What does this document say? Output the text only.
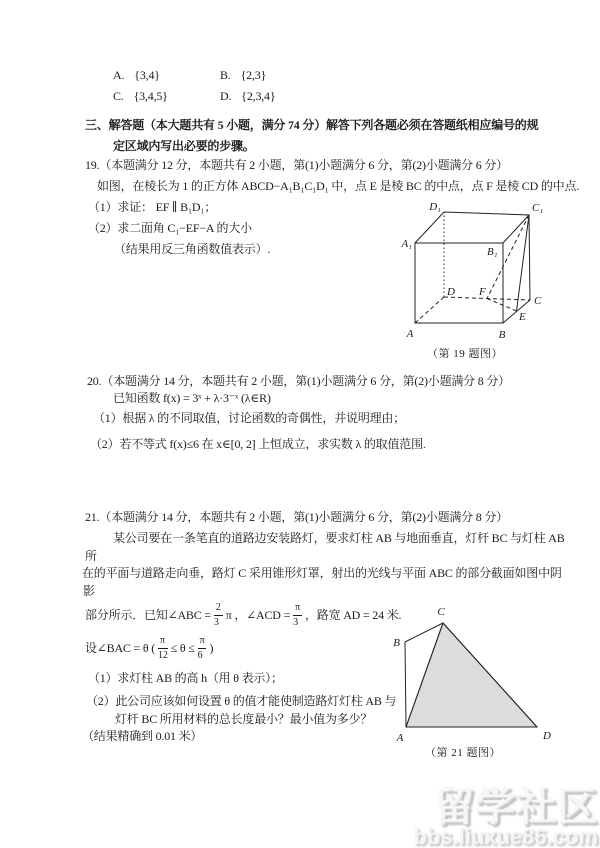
A. {3,4}	B. {2,3}
C. {3,4,5}	D. {2,3,4}
三、解答题（本大题共有 5 小题，满分 74 分）解答下列各题必须在答题纸相应编号的规
定区域内写出必要的步骤。
19.（本题满分 12 分，本题共有 2 小题，第(1)小题满分 6 分，第(2)小题满分 6 分）
如图，在棱长为 1 的正方体 ABCD−A₁B₁C₁D₁ 中，点 E 是棱 BC 的中点，点 F 是棱 CD 的中点.
（1）求证： EF ∥ B₁D₁；
（2）求二面角 C₁−EF−A 的大小
（结果用反三角函数值表示）.
D₁	C₁
A₁
B₁
D F
C
E
A	B
（第 19 题图）
20.（本题满分 14 分，本题共有 2 小题，第(1)小题满分 6 分，第(2)小题满分 8 分）
已知函数 f(x) = 3ˣ + λ·3⁻ˣ (λ∈R)
（1）根据 λ 的不同取值，讨论函数的奇偶性，并说明理由；
（2）若不等式 f(x)≤6 在 x∈[0, 2] 上恒成立，求实数 λ 的取值范围.
21.（本题满分 14 分，本题共有 2 小题，第(1)小题满分 6 分，第(2)小题满分 8 分）
某公司要在一条笔直的道路边安装路灯，要求灯柱 AB 与地面垂直，灯杆 BC 与灯柱 AB
所
在的平面与道路走向垂，路灯 C 采用锥形灯罩，射出的光线与平面 ABC 的部分截面如图中阴
影
部分所示．已知∠ABC = $\frac{2}{3}$ π ，∠ACD = $\frac{\pi}{3}$ ，路宽 AD = 24 米.
设∠BAC = θ ( $\frac{\pi}{12} \le \theta \le \frac{\pi}{6}$ )
（1）求灯柱 AB 的高 h（用 θ 表示）；
（2）此公司应该如何设置 θ 的值才能使制造路灯灯柱 AB 与
灯杆 BC 所用材料的总长度最小？最小值为多少？
（结果精确到 0.01 米）
C
B
A	D
（第 21 题图）
留学社区
bbs.liuxue86.com
